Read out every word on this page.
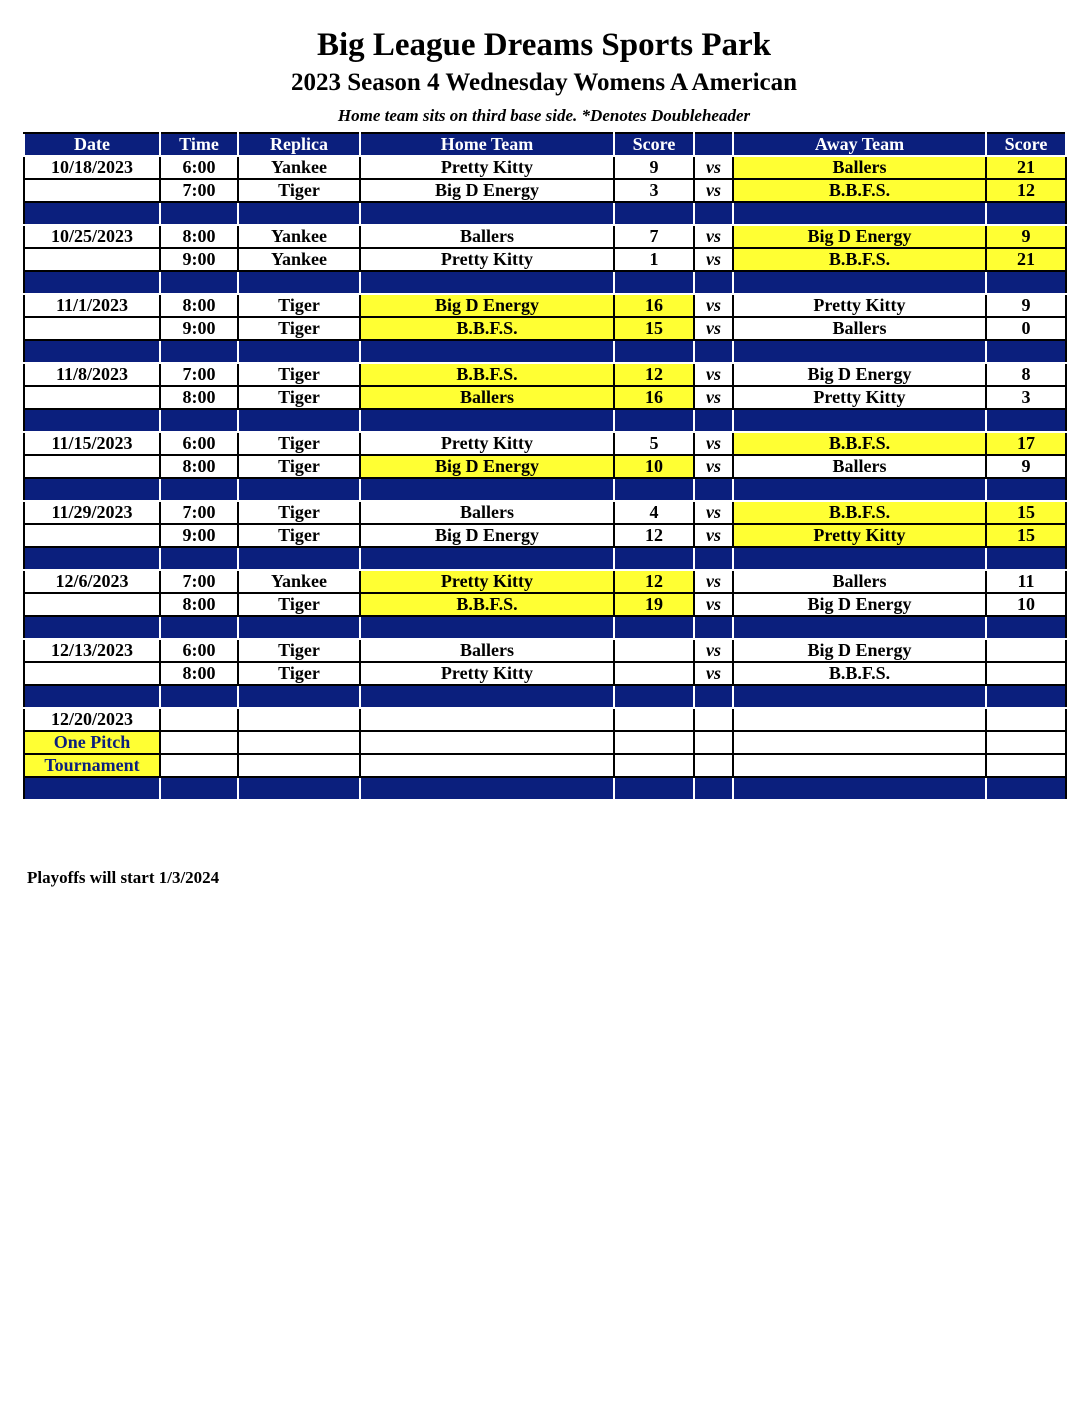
Big League Dreams Sports Park
2023 Season 4 Wednesday Womens A American
Home team sits on third base side. *Denotes Doubleheader
Date	Time	Replica	Home Team	Score		Away Team	Score
10/18/2023	6:00	Yankee	Pretty Kitty	9	vs	Ballers	21
	7:00	Tiger	Big D Energy	3	vs	B.B.F.S.	12

10/25/2023	8:00	Yankee	Ballers	7	vs	Big D Energy	9
	9:00	Yankee	Pretty Kitty	1	vs	B.B.F.S.	21

11/1/2023	8:00	Tiger	Big D Energy	16	vs	Pretty Kitty	9
	9:00	Tiger	B.B.F.S.	15	vs	Ballers	0

11/8/2023	7:00	Tiger	B.B.F.S.	12	vs	Big D Energy	8
	8:00	Tiger	Ballers	16	vs	Pretty Kitty	3

11/15/2023	6:00	Tiger	Pretty Kitty	5	vs	B.B.F.S.	17
	8:00	Tiger	Big D Energy	10	vs	Ballers	9

11/29/2023	7:00	Tiger	Ballers	4	vs	B.B.F.S.	15
	9:00	Tiger	Big D Energy	12	vs	Pretty Kitty	15

12/6/2023	7:00	Yankee	Pretty Kitty	12	vs	Ballers	11
	8:00	Tiger	B.B.F.S.	19	vs	Big D Energy	10

12/13/2023	6:00	Tiger	Ballers		vs	Big D Energy	
	8:00	Tiger	Pretty Kitty		vs	B.B.F.S.	

12/20/2023							
One Pitch							
Tournament							

Playoffs will start 1/3/2024
